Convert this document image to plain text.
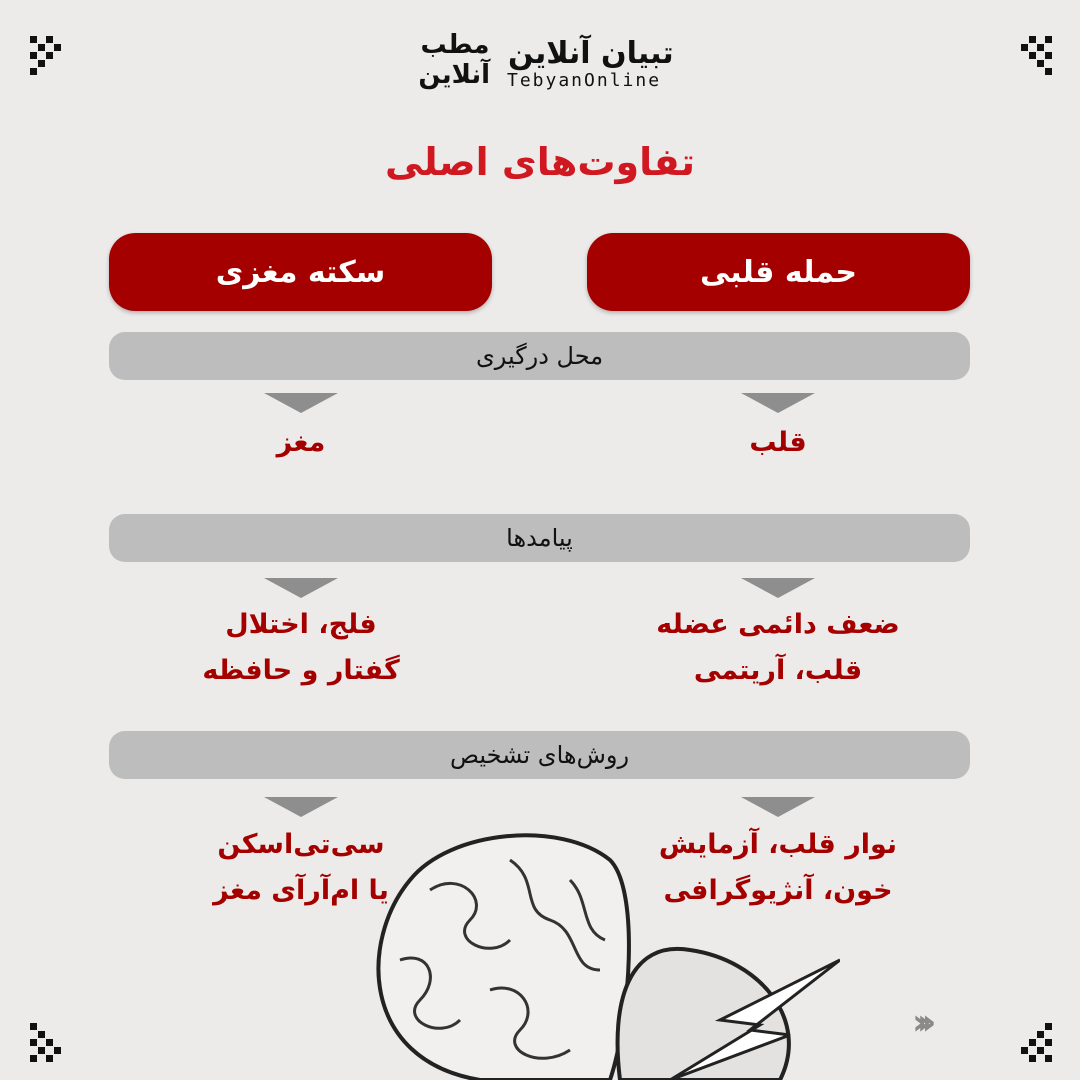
مطب آنلاین
تبیان آنلاین
TebyanOnline
تفاوت‌های اصلی
حمله قلبی
سکته مغزی
محل درگیری
قلب
مغز
پیامدها
ضعف دائمی عضله
قلب، آریتمی
فلج، اختلال
گفتار و حافظه
روش‌های تشخیص
نوار قلب، آزمایش
خون، آنژیوگرافی
سی‌تی‌اسکن
یا ام‌آرآی مغز
›››
